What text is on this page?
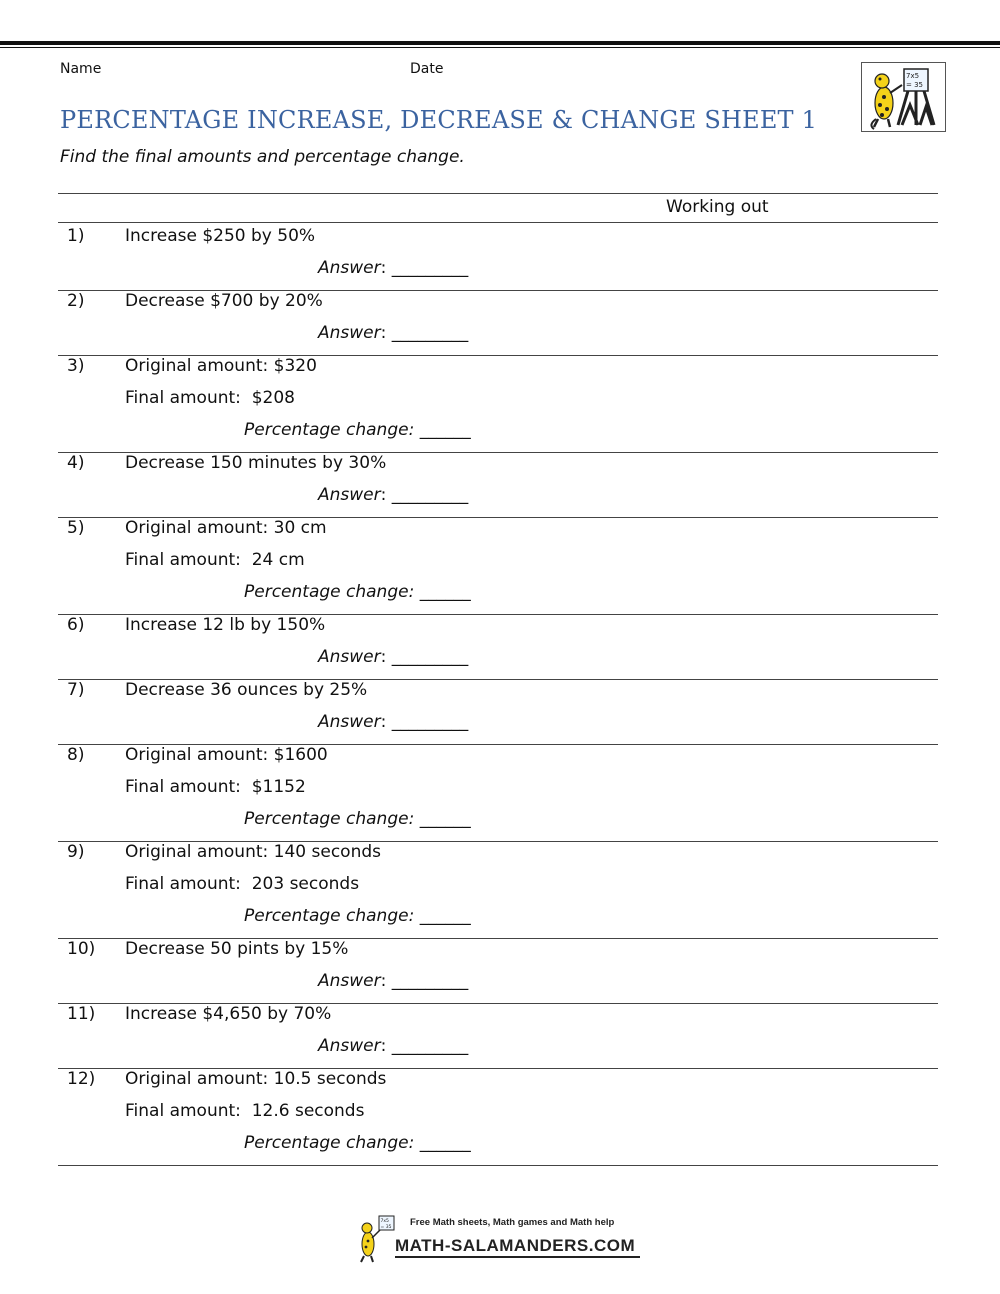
Name	Date	7x5
= 35
PERCENTAGE INCREASE, DECREASE & CHANGE SHEET 1
Find the final amounts and percentage change.
Working out
1) Increase $250 by 50%
Answer: _________
2) Decrease $700 by 20%
Answer: _________
3) Original amount: $320
Final amount:  $208
Percentage change: ______
4) Decrease 150 minutes by 30%
Answer: _________
5) Original amount: 30 cm
Final amount:  24 cm
Percentage change: ______
6) Increase 12 lb by 150%
Answer: _________
7) Decrease 36 ounces by 25%
Answer: _________
8) Original amount: $1600
Final amount:  $1152
Percentage change: ______
9) Original amount: 140 seconds
Final amount:  203 seconds
Percentage change: ______
10) Decrease 50 pints by 15%
Answer: _________
11) Increase $4,650 by 70%
Answer: _________
12) Original amount: 10.5 seconds
Final amount:  12.6 seconds
Percentage change: ______
7x5
= 35 Free Math sheets, Math games and Math help
MATH-SALAMANDERS.COM
